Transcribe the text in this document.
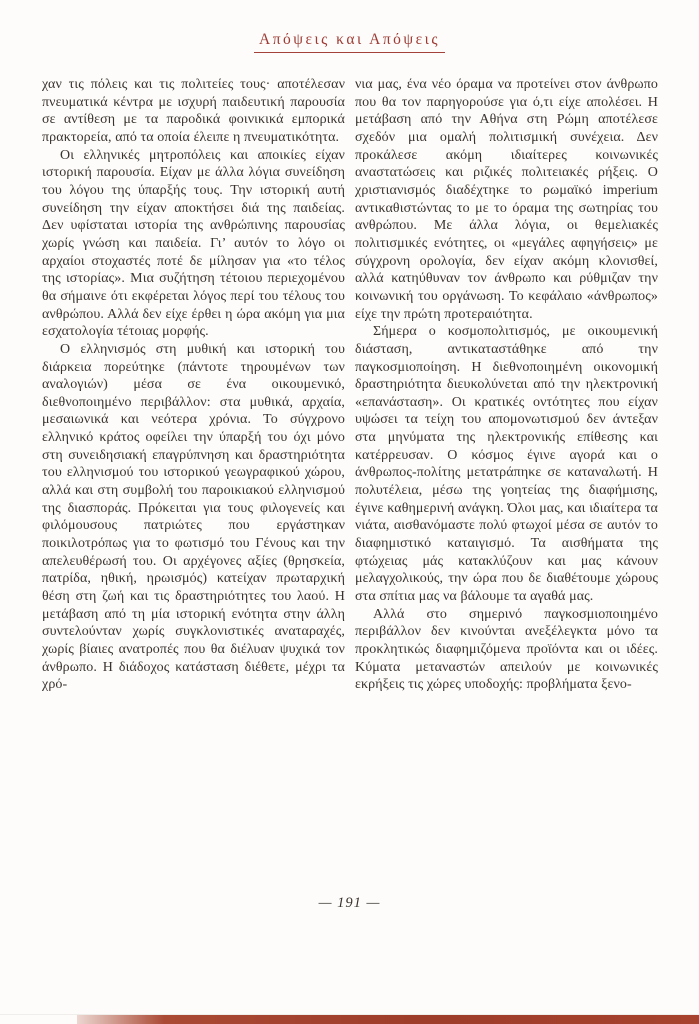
Απόψεις και Απόψεις

χαν τις πόλεις και τις πολιτείες τους· αποτέλεσαν πνευματικά κέντρα με ισχυρή παιδευτική παρουσία σε αντίθεση με τα παροδικά φοινικικά εμπορικά πρακτορεία, από τα οποία έλειπε η πνευματικότητα.

Οι ελληνικές μητροπόλεις και αποικίες είχαν ιστορική παρουσία. Είχαν με άλλα λόγια συνείδηση του λόγου της ύπαρξής τους. Την ιστορική αυτή συνείδηση την είχαν αποκτήσει διά της παιδείας. Δεν υφίσταται ιστορία της ανθρώπινης παρουσίας χωρίς γνώση και παιδεία. Γι’ αυτόν το λόγο οι αρχαίοι στοχαστές ποτέ δε μίλησαν για «το τέλος της ιστορίας». Μια συζήτηση τέτοιου περιεχομένου θα σήμαινε ότι εκφέρεται λόγος περί του τέλους του ανθρώπου. Αλλά δεν είχε έρθει η ώρα ακόμη για μια εσχατολογία τέτοιας μορφής.

Ο ελληνισμός στη μυθική και ιστορική του διάρκεια πορεύτηκε (πάντοτε τηρουμένων των αναλογιών) μέσα σε ένα οικουμενικό, διεθνοποιημένο περιβάλλον: στα μυθικά, αρχαία, μεσαιωνικά και νεότερα χρόνια. Το σύγχρονο ελληνικό κράτος οφείλει την ύπαρξή του όχι μόνο στη συνειδησιακή επαγρύπνηση και δραστηριότητα του ελληνισμού του ιστορικού γεωγραφικού χώρου, αλλά και στη συμβολή του παροικιακού ελληνισμού της διασποράς. Πρόκειται για τους φιλογενείς και φιλόμουσους πατριώτες που εργάστηκαν ποικιλοτρόπως για το φωτισμό του Γένους και την απελευθέρωσή του. Οι αρχέγονες αξίες (θρησκεία, πατρίδα, ηθική, ηρωισμός) κατείχαν πρωταρχική θέση στη ζωή και τις δραστηριότητες του λαού. Η μετάβαση από τη μία ιστορική ενότητα στην άλλη συντελούνταν χωρίς συγκλονιστικές αναταραχές, χωρίς βίαιες ανατροπές που θα διέλυαν ψυχικά τον άνθρωπο. Η διάδοχος κατάσταση διέθετε, μέχρι τα χρό-

νια μας, ένα νέο όραμα να προτείνει στον άνθρωπο που θα τον παρηγορούσε για ό,τι είχε απολέσει. Η μετάβαση από την Αθήνα στη Ρώμη αποτέλεσε σχεδόν μια ομαλή πολιτισμική συνέχεια. Δεν προκάλεσε ακόμη ιδιαίτερες κοινωνικές αναστατώσεις και ριζικές πολιτειακές ρήξεις. Ο χριστιανισμός διαδέχτηκε το ρωμαϊκό imperium αντικαθιστώντας το με το όραμα της σωτηρίας του ανθρώπου. Με άλλα λόγια, οι θεμελιακές πολιτισμικές ενότητες, οι «μεγάλες αφηγήσεις» με σύγχρονη ορολογία, δεν είχαν ακόμη κλονισθεί, αλλά κατηύθυναν τον άνθρωπο και ρύθμιζαν την κοινωνική του οργάνωση. Το κεφάλαιο «άνθρωπος» είχε την πρώτη προτεραιότητα.

Σήμερα ο κοσμοπολιτισμός, με οικουμενική διάσταση, αντικαταστάθηκε από την παγκοσμιοποίηση. Η διεθνοποιημένη οικονομική δραστηριότητα διευκολύνεται από την ηλεκτρονική «επανάσταση». Οι κρατικές οντότητες που είχαν υψώσει τα τείχη του απομονωτισμού δεν άντεξαν στα μηνύματα της ηλεκτρονικής επίθεσης και κατέρρευσαν. Ο κόσμος έγινε αγορά και ο άνθρωπος-πολίτης μετατράπηκε σε καταναλωτή. Η πολυτέλεια, μέσω της γοητείας της διαφήμισης, έγινε καθημερινή ανάγκη. Όλοι μας, και ιδιαίτερα τα νιάτα, αισθανόμαστε πολύ φτωχοί μέσα σε αυτόν το διαφημιστικό καταιγισμό. Τα αισθήματα της φτώχειας μάς κατακλύζουν και μας κάνουν μελαγχολικούς, την ώρα που δε διαθέτουμε χώρους στα σπίτια μας να βάλουμε τα αγαθά μας.

Αλλά στο σημερινό παγκοσμιοποιημένο περιβάλλον δεν κινούνται ανεξέλεγκτα μόνο τα προκλητικώς διαφημιζόμενα προϊόντα και οι ιδέες. Κύματα μεταναστών απειλούν με κοινωνικές εκρήξεις τις χώρες υποδοχής: προβλήματα ξενο-

— 191 —
